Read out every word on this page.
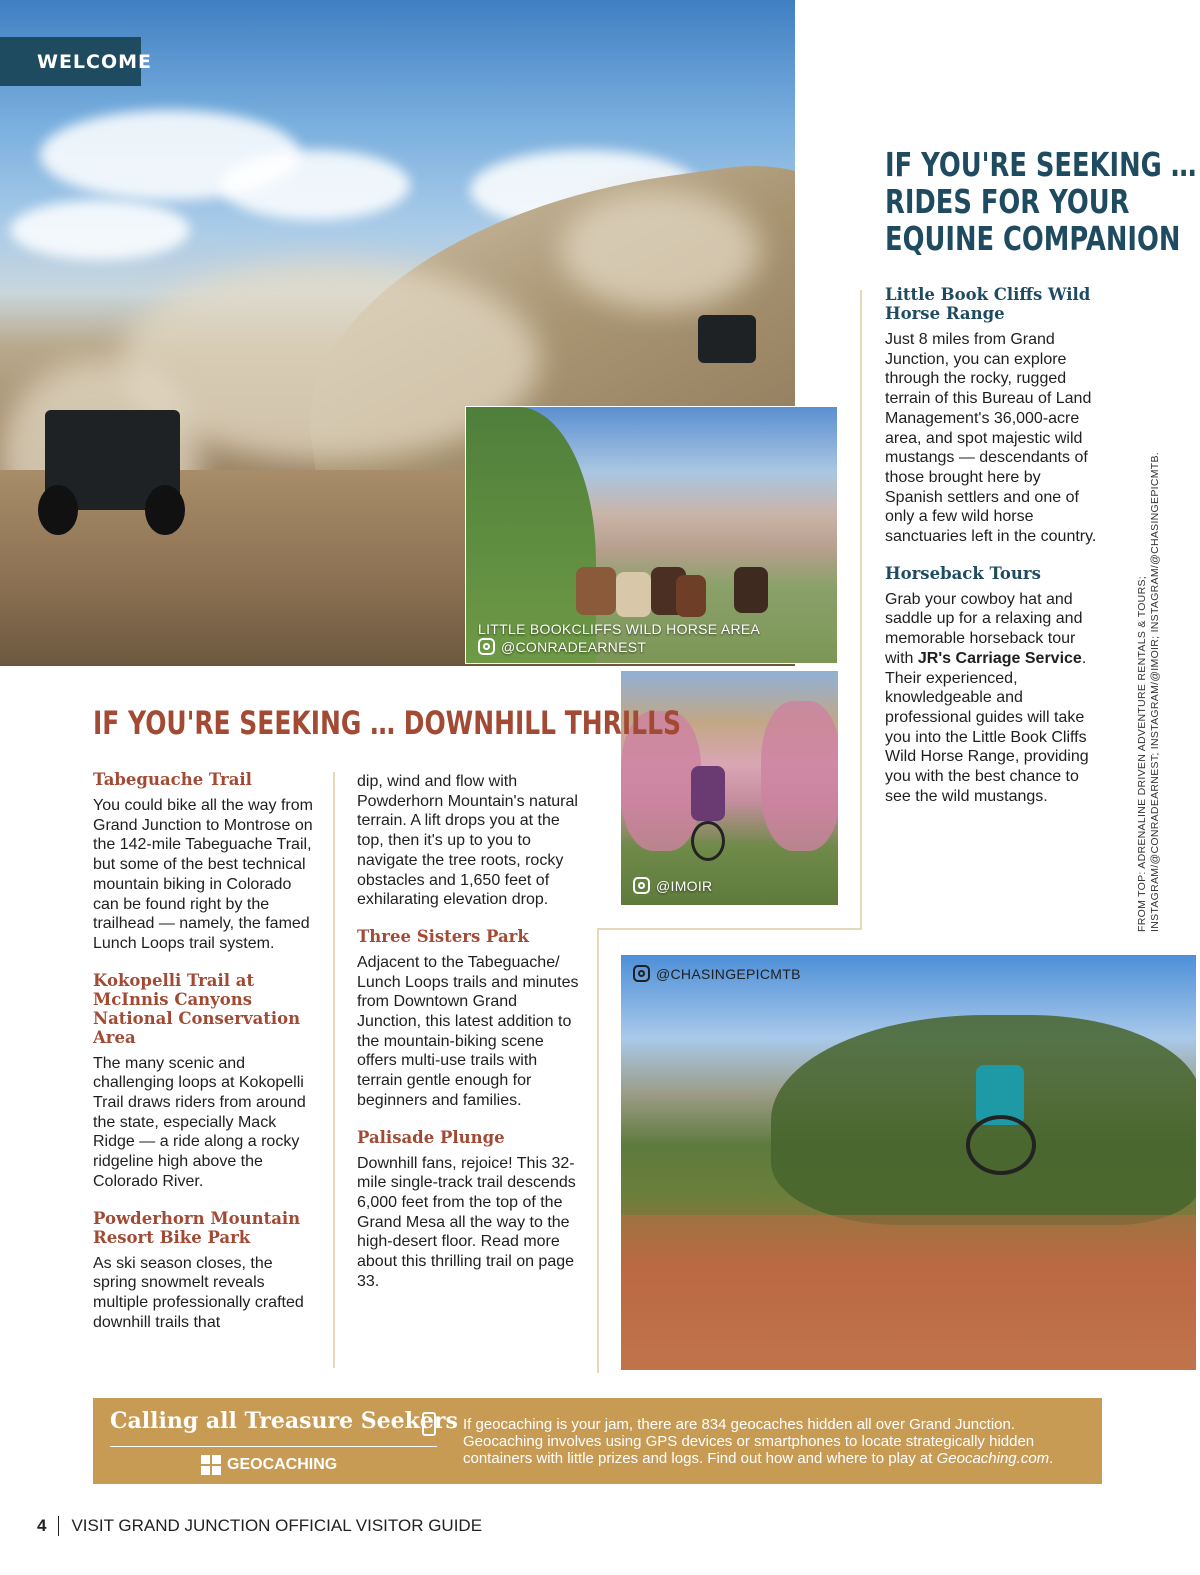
WELCOME
LITTLE BOOKCLIFFS WILD HORSE AREA
@CONRADEARNEST
@IMOIR
@CHASINGEPICMTB
IF YOU'RE SEEKING …
RIDES FOR YOUR
EQUINE COMPANION
Little Book Cliffs Wild Horse Range
Just 8 miles from Grand Junction, you can explore through the rocky, rugged terrain of this Bureau of Land Management's 36,000-acre area, and spot majestic wild mustangs — descendants of those brought here by Spanish settlers and one of only a few wild horse sanctuaries left in the country.
Horseback Tours
Grab your cowboy hat and saddle up for a relaxing and memorable horseback tour with JR's Carriage Service. Their experienced, knowledgeable and professional guides will take you into the Little Book Cliffs Wild Horse Range, providing you with the best chance to see the wild mustangs.	FROM TOP: ADRENALINE DRIVEN ADVENTURE RENTALS & TOURS; INSTAGRAM/@CONRADEARNEST; INSTAGRAM/@IMOIR; INSTAGRAM/@CHASINGEPICMTB.
IF YOU'RE SEEKING … DOWNHILL THRILLS
Tabeguache Trail
You could bike all the way from Grand Junction to Montrose on the 142-mile Tabeguache Trail, but some of the best technical mountain biking in Colorado can be found right by the trailhead — namely, the famed Lunch Loops trail system.
Kokopelli Trail at McInnis Canyons National Conservation Area
The many scenic and challenging loops at Kokopelli Trail draws riders from around the state, especially Mack Ridge — a ride along a rocky ridgeline high above the Colorado River.
Powderhorn Mountain Resort Bike Park
As ski season closes, the spring snowmelt reveals multiple professionally crafted downhill trails that
dip, wind and flow with Powderhorn Mountain's natural terrain. A lift drops you at the top, then it's up to you to navigate the tree roots, rocky obstacles and 1,650 feet of exhilarating elevation drop.
Three Sisters Park
Adjacent to the Tabeguache/ Lunch Loops trails and minutes from Downtown Grand Junction, this latest addition to the mountain-biking scene offers multi-use trails with terrain gentle enough for beginners and families.
Palisade Plunge
Downhill fans, rejoice! This 32-mile single-track trail descends 6,000 feet from the top of the Grand Mesa all the way to the high-desert floor. Read more about this thrilling trail on page 33.
Calling all Treasure Seekers
GEOCACHING
If geocaching is your jam, there are 834 geocaches hidden all over Grand Junction. Geocaching involves using GPS devices or smartphones to locate strategically hidden containers with little prizes and logs. Find out how and where to play at Geocaching.com.
4 VISIT GRAND JUNCTION OFFICIAL VISITOR GUIDE
